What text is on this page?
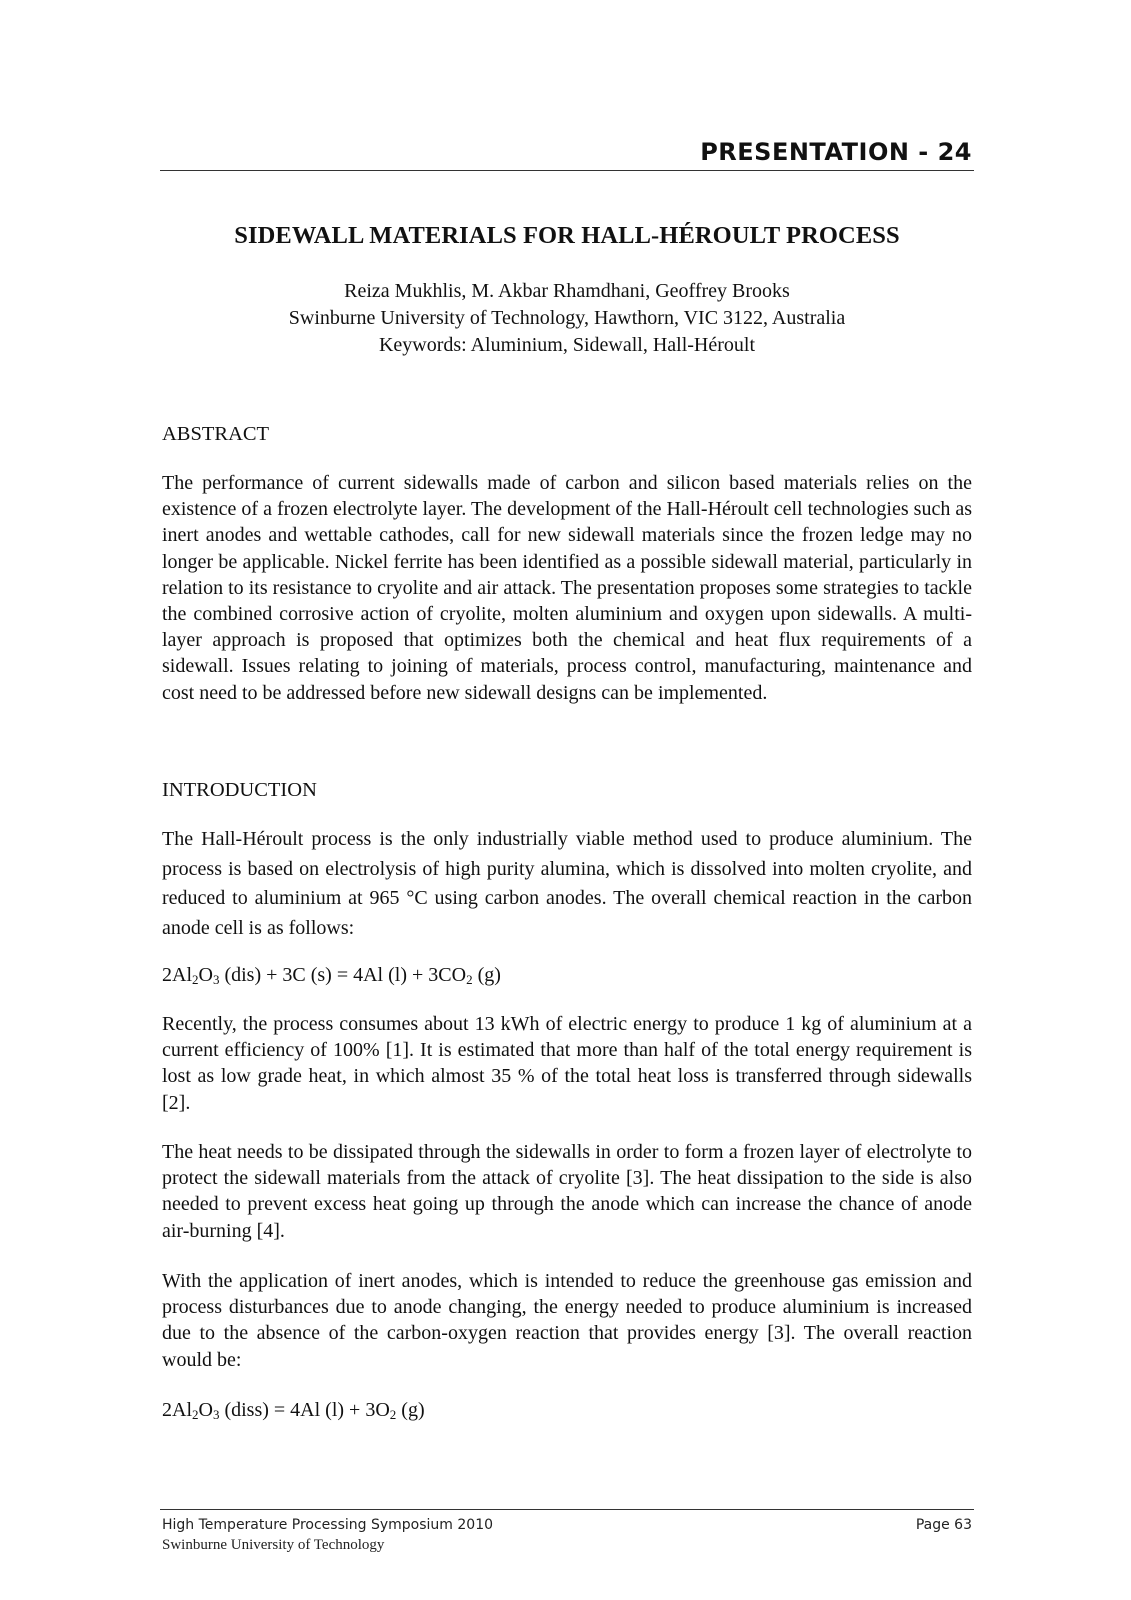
PRESENTATION - 24
SIDEWALL MATERIALS FOR HALL-HÉROULT PROCESS
Reiza Mukhlis, M. Akbar Rhamdhani, Geoffrey Brooks
Swinburne University of Technology, Hawthorn, VIC 3122, Australia
Keywords: Aluminium, Sidewall, Hall-Héroult
ABSTRACT

The performance of current sidewalls made of carbon and silicon based materials relies on the existence of a frozen electrolyte layer. The development of the Hall-Héroult cell technologies such as inert anodes and wettable cathodes, call for new sidewall materials since the frozen ledge may no longer be applicable. Nickel ferrite has been identified as a possible sidewall material, particularly in relation to its resistance to cryolite and air attack. The presentation proposes some strategies to tackle the combined corrosive action of cryolite, molten aluminium and oxygen upon sidewalls. A multi-layer approach is proposed that optimizes both the chemical and heat flux requirements of a sidewall. Issues relating to joining of materials, process control, manufacturing, maintenance and cost need to be addressed before new sidewall designs can be implemented.

INTRODUCTION

The Hall-Héroult process is the only industrially viable method used to produce aluminium. The process is based on electrolysis of high purity alumina, which is dissolved into molten cryolite, and reduced to aluminium at 965 °C using carbon anodes. The overall chemical reaction in the carbon anode cell is as follows:

$2Al_2O_3$ (dis) + 3C (s) = 4Al $(l) + 3CO_2$ (g)

Recently, the process consumes about 13 kWh of electric energy to produce 1 kg of aluminium at a current efficiency of 100% [1]. It is estimated that more than half of the total energy requirement is lost as low grade heat, in which almost 35 % of the total heat loss is transferred through sidewalls [2].

The heat needs to be dissipated through the sidewalls in order to form a frozen layer of electrolyte to protect the sidewall materials from the attack of cryolite [3]. The heat dissipation to the side is also needed to prevent excess heat going up through the anode which can increase the chance of anode air-burning [4].

With the application of inert anodes, which is intended to reduce the greenhouse gas emission and process disturbances due to anode changing, the energy needed to produce aluminium is increased due to the absence of the carbon-oxygen reaction that provides energy [3]. The overall reaction would be:

$2Al_2O_3$ (diss) = 4Al $(l) + 3O_2$ (g)
High Temperature Processing Symposium 2010
Swinburne University of Technology
Page 63
